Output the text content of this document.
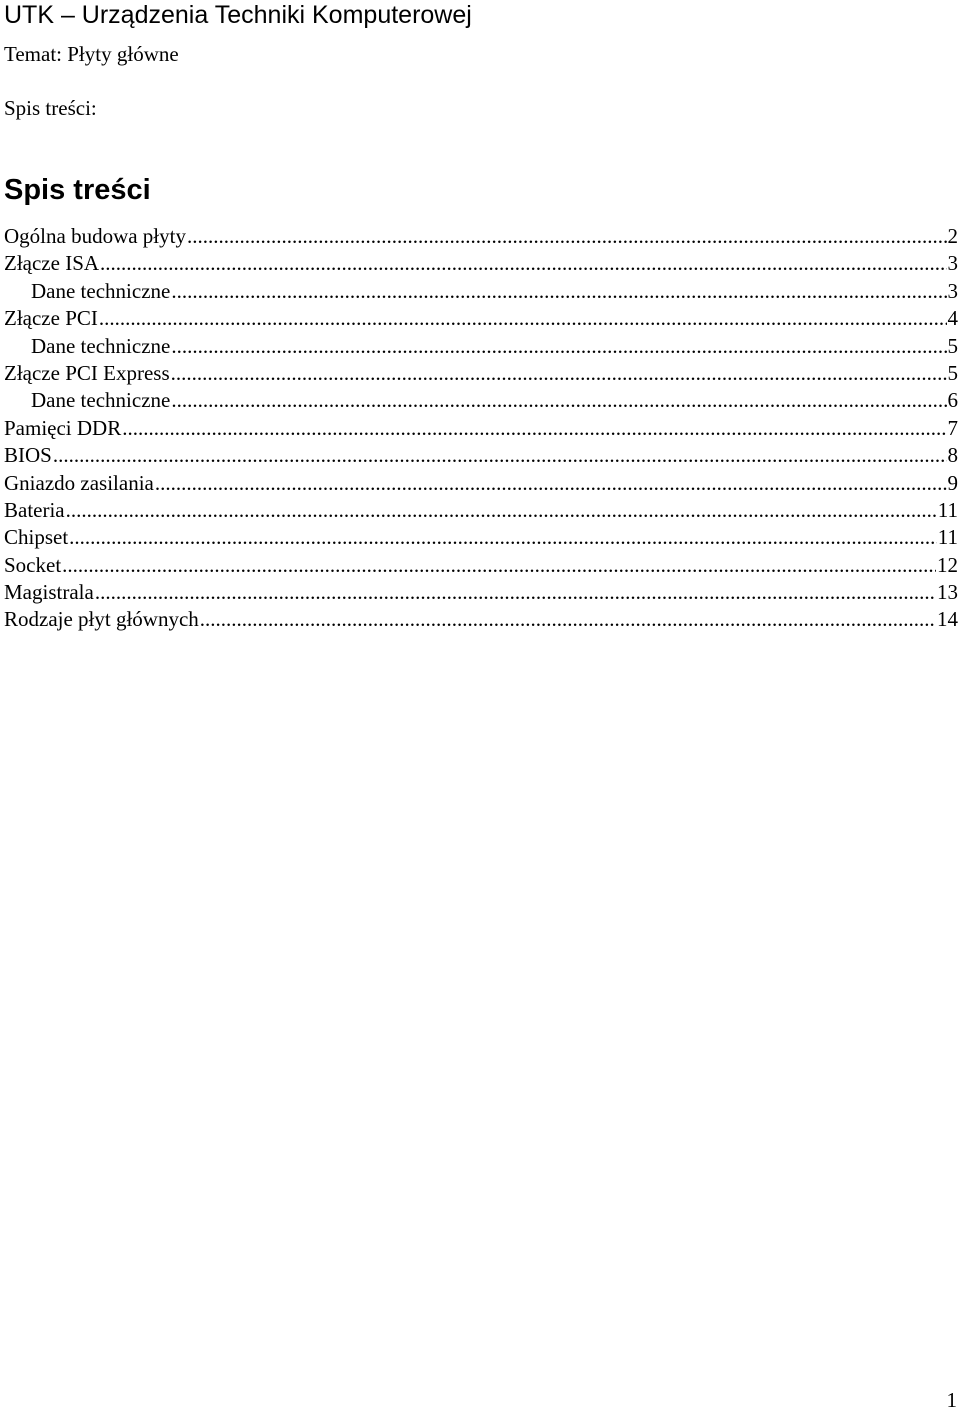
UTK – Urządzenia Techniki Komputerowej
Temat: Płyty główne
Spis treści:
Spis treści
Ogólna budowa płyty .....	2
Złącze ISA .....	3
Dane techniczne .....	3
Złącze PCI .....	4
Dane techniczne .....	5
Złącze PCI Express .....	5
Dane techniczne .....	6
Pamięci DDR .....	7
BIOS .....	8
Gniazdo zasilania .....	9
Bateria .....	11
Chipset .....	11
Socket .....	12
Magistrala .....	13
Rodzaje płyt głównych .....	14
1
